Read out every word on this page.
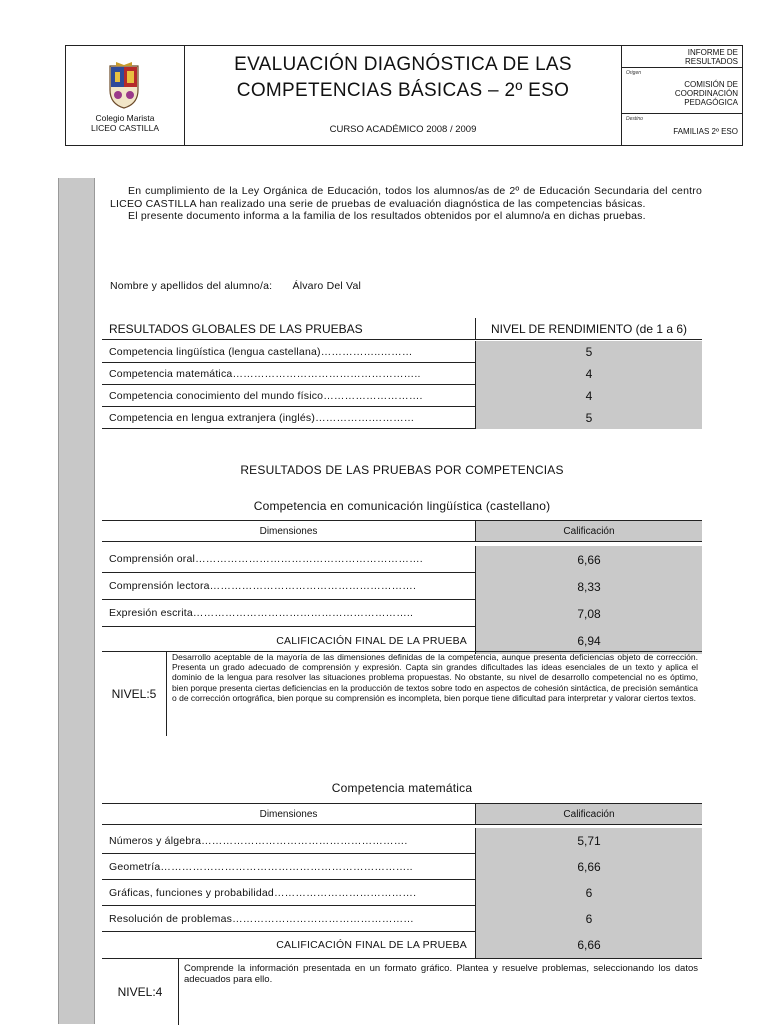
Colegio Marista
LICEO CASTILLA
EVALUACIÓN DIAGNÓSTICA DE LAS
COMPETENCIAS BÁSICAS – 2º ESO
CURSO ACADÉMICO 2008 / 2009
INFORME DE RESULTADOS
Origen
COMISIÓN DE COORDINACIÓN PEDAGÓGICA
Destino
FAMILIAS 2º ESO
En cumplimiento de la Ley Orgánica de Educación, todos los alumnos/as de 2º de Educación Secundaria del centro LICEO CASTILLA han realizado una serie de pruebas de evaluación diagnóstica de las competencias básicas.
El presente documento informa a la familia de los resultados obtenidos por el alumno/a en dichas pruebas.
Nombre y apellidos del alumno/a: Álvaro Del Val
RESULTADOS GLOBALES DE LAS PRUEBAS	NIVEL DE RENDIMIENTO (de 1 a 6)
Competencia lingüística (lengua castellana)……………..………	5
Competencia matemática……………………………………………..	4
Competencia conocimiento del mundo físico……………………….	4
Competencia en lengua extranjera (inglés)…………….…………	5
RESULTADOS DE LAS PRUEBAS POR COMPETENCIAS
Competencia en comunicación lingüística (castellano)
Dimensiones	Calificación
Comprensión oral……………………………………………………….	6,66
Comprensión lectora………………………………………………….	8,33
Expresión escrita……………………………………………………..	7,08
CALIFICACIÓN FINAL DE LA PRUEBA	6,94
NIVEL:5
Desarrollo aceptable de la mayoría de las dimensiones definidas de la competencia, aunque presenta deficiencias objeto de corrección. Presenta un grado adecuado de comprensión y expresión. Capta sin grandes dificultades las ideas esenciales de un texto y aplica el dominio de la lengua para resolver las situaciones problema propuestas. No obstante, su nivel de desarrollo competencial no es óptimo, bien porque presenta ciertas deficiencias en la producción de textos sobre todo en aspectos de cohesión sintáctica, de precisión semántica o de corrección ortográfica, bien porque su comprensión es incompleta, bien porque tiene dificultad para interpretar y valorar ciertos textos.
Competencia matemática
Dimensiones	Calificación
Números y álgebra………………………………………………….	5,71
Geometría……………………………………………………………..	6,66
Gráficas, funciones y probabilidad………………………………….	6
Resolución de problemas……………………………………………	6
CALIFICACIÓN FINAL DE LA PRUEBA	6,66
NIVEL:4
Comprende la información presentada en un formato gráfico. Plantea y resuelve problemas, seleccionando los datos adecuados para ello.
